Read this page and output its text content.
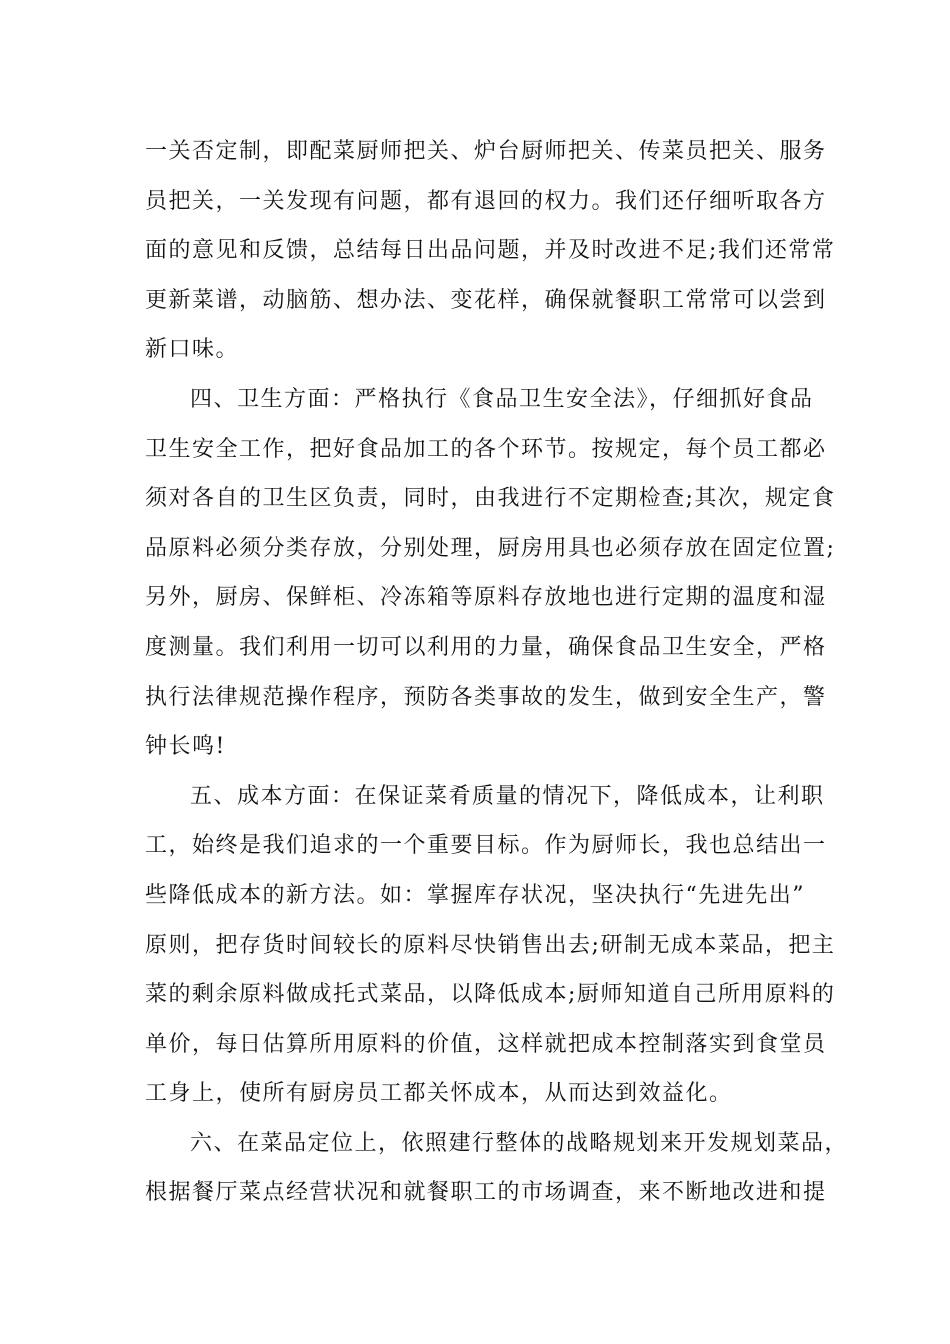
一关否定制，即配菜厨师把关、炉台厨师把关、传菜员把关、服务
员把关，一关发现有问题，都有退回的权力。我们还仔细听取各方
面的意见和反馈，总结每日出品问题，并及时改进不足;我们还常常
更新菜谱，动脑筋、想办法、变花样，确保就餐职工常常可以尝到
新口味。
四、卫生方面：严格执行《食品卫生安全法》，仔细抓好食品
卫生安全工作，把好食品加工的各个环节。按规定，每个员工都必
须对各自的卫生区负责，同时，由我进行不定期检查;其次，规定食
品原料必须分类存放，分别处理，厨房用具也必须存放在固定位置;
另外，厨房、保鲜柜、冷冻箱等原料存放地也进行定期的温度和湿
度测量。我们利用一切可以利用的力量，确保食品卫生安全，严格
执行法律规范操作程序，预防各类事故的发生，做到安全生产，警
钟长鸣!
五、成本方面：在保证菜肴质量的情况下，降低成本，让利职
工，始终是我们追求的一个重要目标。作为厨师长，我也总结出一
些降低成本的新方法。如：掌握库存状况，坚决执行“先进先出”
原则，把存货时间较长的原料尽快销售出去;研制无成本菜品，把主
菜的剩余原料做成托式菜品，以降低成本;厨师知道自己所用原料的
单价，每日估算所用原料的价值，这样就把成本控制落实到食堂员
工身上，使所有厨房员工都关怀成本，从而达到效益化。
六、在菜品定位上，依照建行整体的战略规划来开发规划菜品，
根据餐厅菜点经营状况和就餐职工的市场调查，来不断地改进和提
